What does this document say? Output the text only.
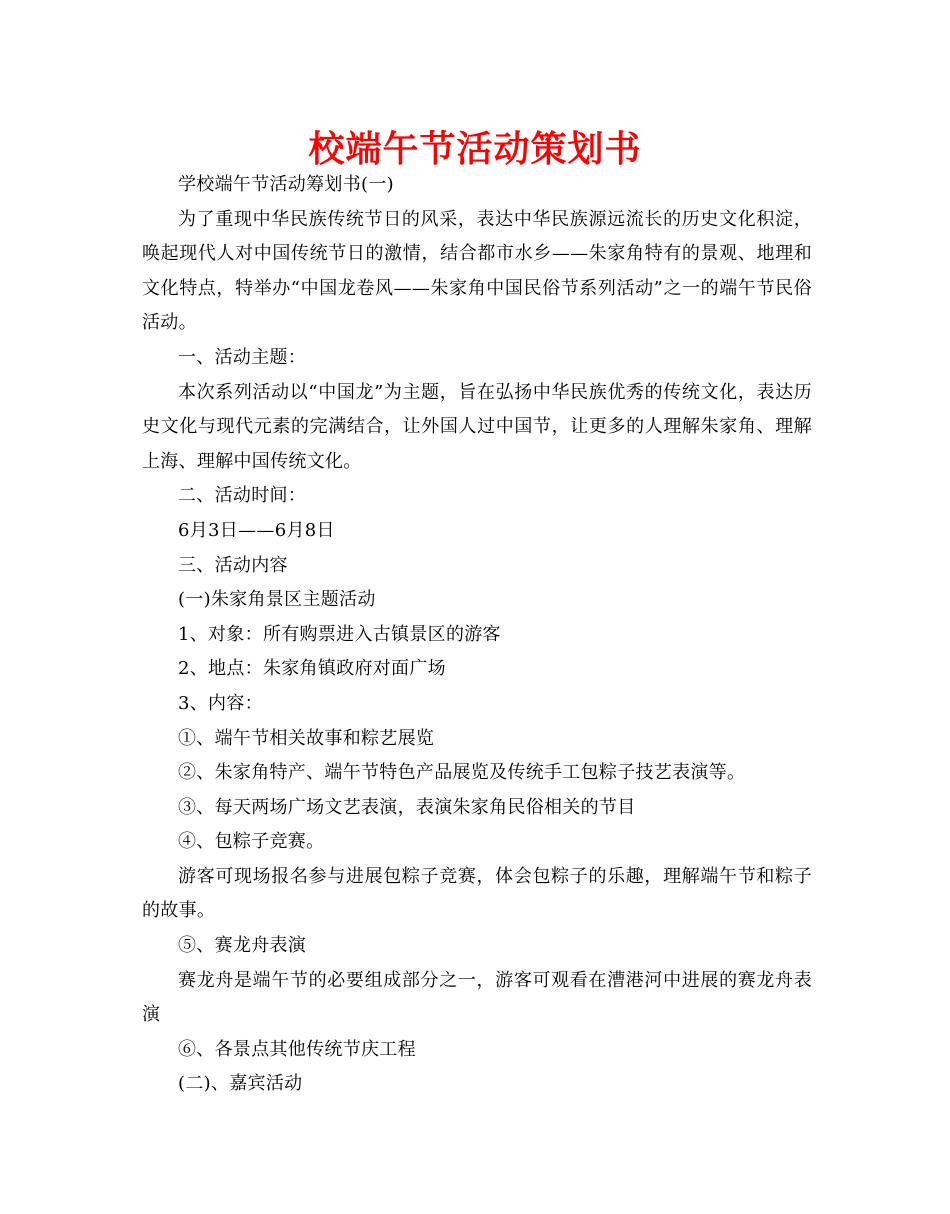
校端午节活动策划书

学校端午节活动筹划书(一)

为了重现中华民族传统节日的风采，表达中华民族源远流长的历史文化积淀，唤起现代人对中国传统节日的激情，结合都市水乡——朱家角特有的景观、地理和文化特点，特举办“中国龙卷风——朱家角中国民俗节系列活动”之一的端午节民俗活动。

一、活动主题：

本次系列活动以“中国龙”为主题，旨在弘扬中华民族优秀的传统文化，表达历史文化与现代元素的完满结合，让外国人过中国节，让更多的人理解朱家角、理解上海、理解中国传统文化。

二、活动时间：

6月3日——6月8日

三、活动内容

(一)朱家角景区主题活动

1、对象：所有购票进入古镇景区的游客

2、地点：朱家角镇政府对面广场

3、内容：

①、端午节相关故事和粽艺展览

②、朱家角特产、端午节特色产品展览及传统手工包粽子技艺表演等。

③、每天两场广场文艺表演，表演朱家角民俗相关的节目

④、包粽子竞赛。

游客可现场报名参与进展包粽子竞赛，体会包粽子的乐趣，理解端午节和粽子的故事。

⑤、赛龙舟表演

赛龙舟是端午节的必要组成部分之一，游客可观看在漕港河中进展的赛龙舟表演

⑥、各景点其他传统节庆工程

(二)、嘉宾活动
